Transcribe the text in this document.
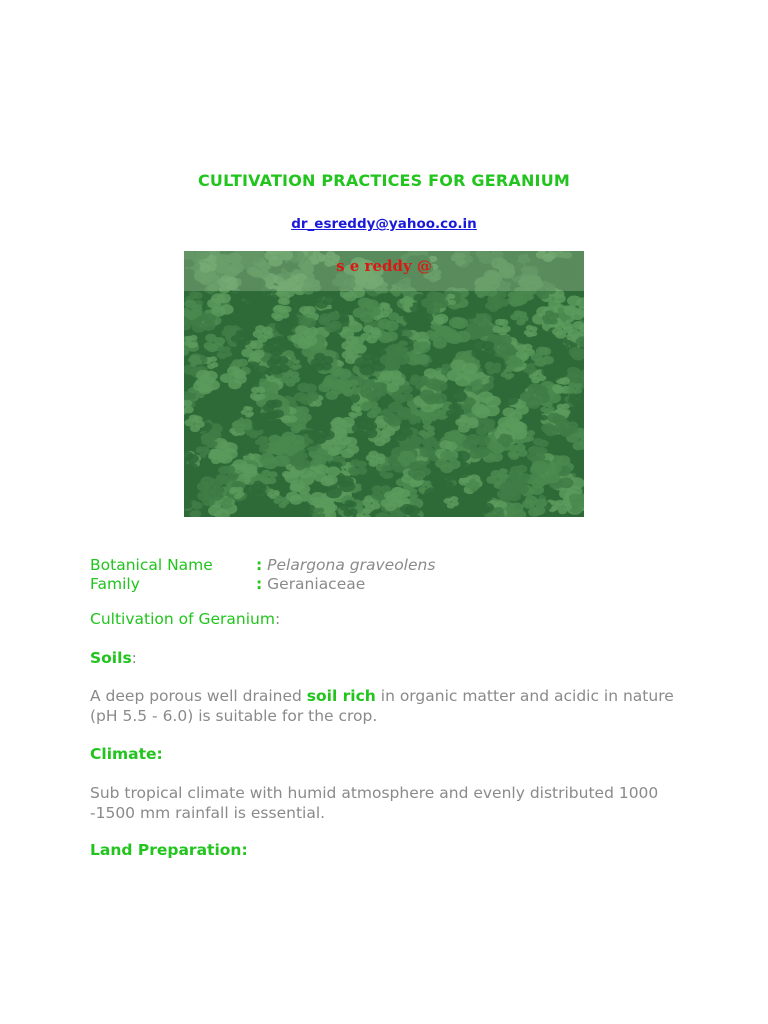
CULTIVATION PRACTICES FOR GERANIUM
dr_esreddy@yahoo.co.in
s e reddy @
Botanical Name	: Pelargona graveolens
Family	: Geraniaceae
Cultivation of Geranium:
Soils:
A deep porous well drained soil rich in organic matter and acidic in nature (pH 5.5 - 6.0) is suitable for the crop.
Climate:
Sub tropical climate with humid atmosphere and evenly distributed 1000 -1500 mm rainfall is essential.
Land Preparation:
